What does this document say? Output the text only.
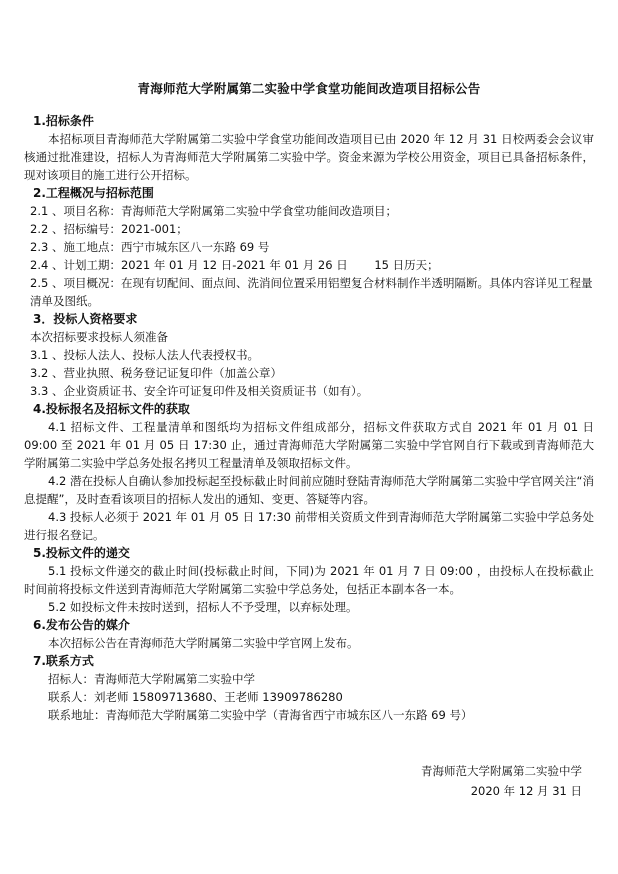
青海师范大学附属第二实验中学食堂功能间改造项目招标公告
1.招标条件
本招标项目青海师范大学附属第二实验中学食堂功能间改造项目已由 2020 年 12 月 31 日校两委会会议审核通过批准建设，招标人为青海师范大学附属第二实验中学。资金来源为学校公用资金，项目已具备招标条件，现对该项目的施工进行公开招标。
2.工程概况与招标范围
2.1 、项目名称：青海师范大学附属第二实验中学食堂功能间改造项目；
2.2 、招标编号：2021-001；
2.3 、施工地点：西宁市城东区八一东路 69 号
2.4 、计划工期：2021 年 01 月 12 日-2021 年 01 月 26 日　　 15 日历天；
2.5 、项目概况：在现有切配间、面点间、洗消间位置采用铝塑复合材料制作半透明隔断。具体内容详见工程量清单及图纸。
3．投标人资格要求
本次招标要求投标人须准备
3.1 、投标人法人、投标人法人代表授权书。
3.2 、营业执照、税务登记证复印件（加盖公章）
3.3 、企业资质证书、安全许可证复印件及相关资质证书（如有）。
4.投标报名及招标文件的获取
4.1 招标文件、工程量清单和图纸均为招标文件组成部分，招标文件获取方式自 2021 年 01 月 01 日 09:00 至 2021 年 01 月 05 日 17:30 止，通过青海师范大学附属第二实验中学官网自行下载或到青海师范大学附属第二实验中学总务处报名拷贝工程量清单及领取招标文件。
4.2 潜在投标人自确认参加投标起至投标截止时间前应随时登陆青海师范大学附属第二实验中学官网关注“消息提醒”，及时查看该项目的招标人发出的通知、变更、答疑等内容。
4.3 投标人必须于 2021 年 01 月 05 日 17:30 前带相关资质文件到青海师范大学附属第二实验中学总务处进行报名登记。
5.投标文件的递交
5.1 投标文件递交的截止时间(投标截止时间，下同)为 2021 年 01 月 7 日 09:00 ，由投标人在投标截止时间前将投标文件送到青海师范大学附属第二实验中学总务处，包括正本副本各一本。
5.2 如投标文件未按时送到，招标人不予受理，以弃标处理。
6.发布公告的媒介
本次招标公告在青海师范大学附属第二实验中学官网上发布。
7.联系方式
招标人：青海师范大学附属第二实验中学
联系人：刘老师 15809713680、王老师 13909786280
联系地址：青海师范大学附属第二实验中学（青海省西宁市城东区八一东路 69 号）
青海师范大学附属第二实验中学
2020 年 12 月 31 日
